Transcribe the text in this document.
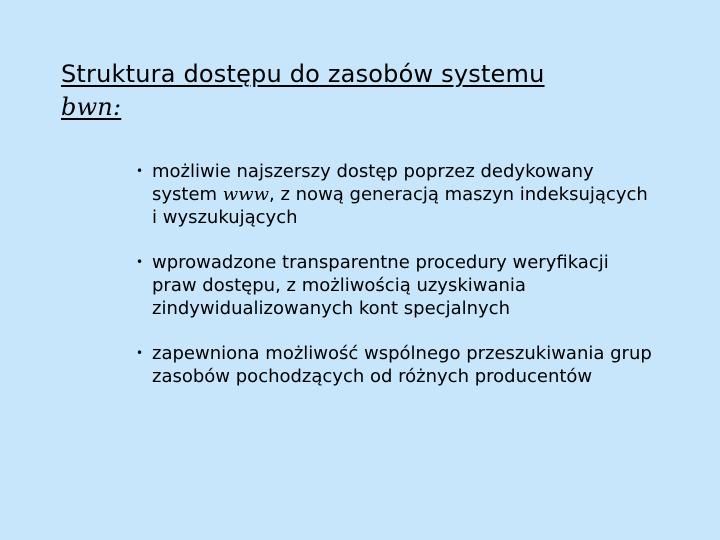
Struktura dostępu do zasobów systemu
bwn:
• możliwie najszerszy dostęp poprzez dedykowany system www, z nową generacją maszyn indeksujących i wyszukujących
• wprowadzone transparentne procedury weryfikacji praw dostępu, z możliwością uzyskiwania zindywidualizowanych kont specjalnych
• zapewniona możliwość wspólnego przeszukiwania grup zasobów pochodzących od różnych producentów
